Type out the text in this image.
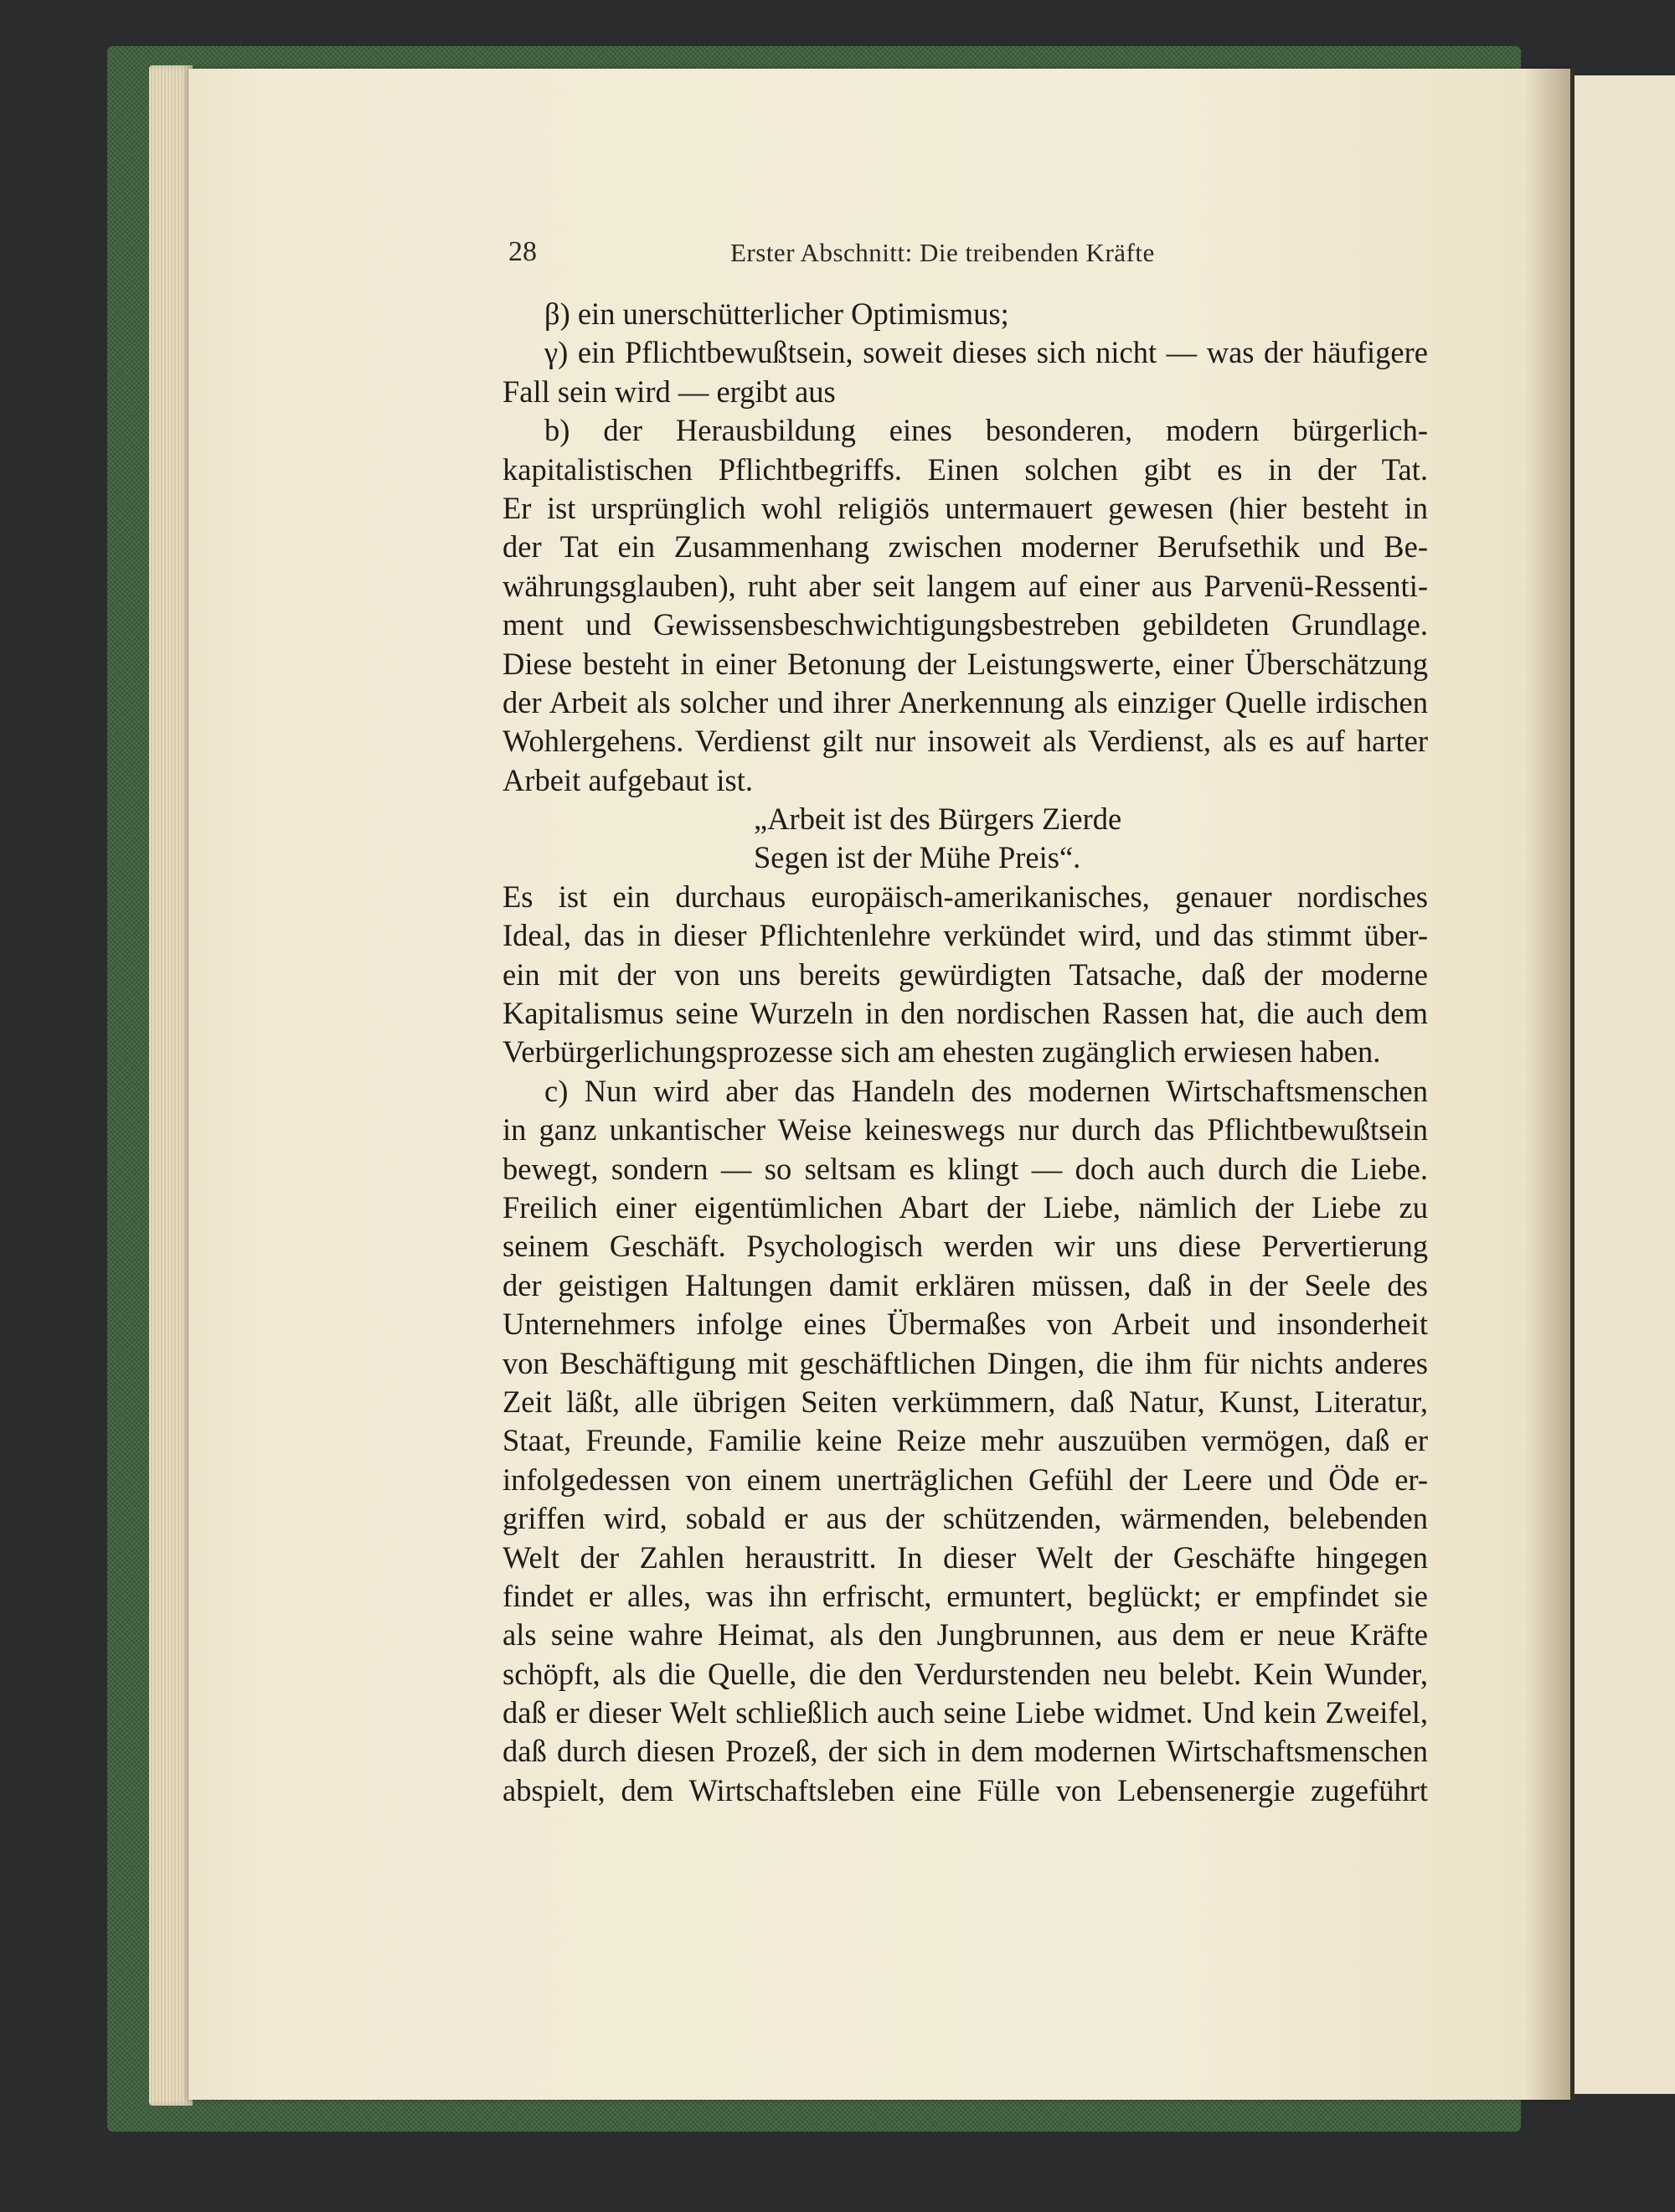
28	Erster Abschnitt: Die treibenden Kräfte
β) ein unerschütterlicher Optimismus;
γ) ein Pflichtbewußtsein, soweit dieses sich nicht — was der häufigere
Fall sein wird — ergibt aus
b) der Herausbildung eines besonderen, modern bürgerlich-
kapitalistischen Pflichtbegriffs. Einen solchen gibt es in der Tat.
Er ist ursprünglich wohl religiös untermauert gewesen (hier besteht in
der Tat ein Zusammenhang zwischen moderner Berufsethik und Be-
währungsglauben), ruht aber seit langem auf einer aus Parvenü-Ressenti-
ment und Gewissensbeschwichtigungsbestreben gebildeten Grundlage.
Diese besteht in einer Betonung der Leistungswerte, einer Überschätzung
der Arbeit als solcher und ihrer Anerkennung als einziger Quelle irdischen
Wohlergehens. Verdienst gilt nur insoweit als Verdienst, als es auf harter
Arbeit aufgebaut ist.
„Arbeit ist des Bürgers Zierde
Segen ist der Mühe Preis“.
Es ist ein durchaus europäisch-amerikanisches, genauer nordisches
Ideal, das in dieser Pflichtenlehre verkündet wird, und das stimmt über-
ein mit der von uns bereits gewürdigten Tatsache, daß der moderne
Kapitalismus seine Wurzeln in den nordischen Rassen hat, die auch dem
Verbürgerlichungsprozesse sich am ehesten zugänglich erwiesen haben.
c) Nun wird aber das Handeln des modernen Wirtschaftsmenschen
in ganz unkantischer Weise keineswegs nur durch das Pflichtbewußtsein
bewegt, sondern — so seltsam es klingt — doch auch durch die Liebe.
Freilich einer eigentümlichen Abart der Liebe, nämlich der Liebe zu
seinem Geschäft. Psychologisch werden wir uns diese Pervertierung
der geistigen Haltungen damit erklären müssen, daß in der Seele des
Unternehmers infolge eines Übermaßes von Arbeit und insonderheit
von Beschäftigung mit geschäftlichen Dingen, die ihm für nichts anderes
Zeit läßt, alle übrigen Seiten verkümmern, daß Natur, Kunst, Literatur,
Staat, Freunde, Familie keine Reize mehr auszuüben vermögen, daß er
infolgedessen von einem unerträglichen Gefühl der Leere und Öde er-
griffen wird, sobald er aus der schützenden, wärmenden, belebenden
Welt der Zahlen heraustritt. In dieser Welt der Geschäfte hingegen
findet er alles, was ihn erfrischt, ermuntert, beglückt; er empfindet sie
als seine wahre Heimat, als den Jungbrunnen, aus dem er neue Kräfte
schöpft, als die Quelle, die den Verdurstenden neu belebt. Kein Wunder,
daß er dieser Welt schließlich auch seine Liebe widmet. Und kein Zweifel,
daß durch diesen Prozeß, der sich in dem modernen Wirtschaftsmenschen
abspielt, dem Wirtschaftsleben eine Fülle von Lebensenergie zugeführt
